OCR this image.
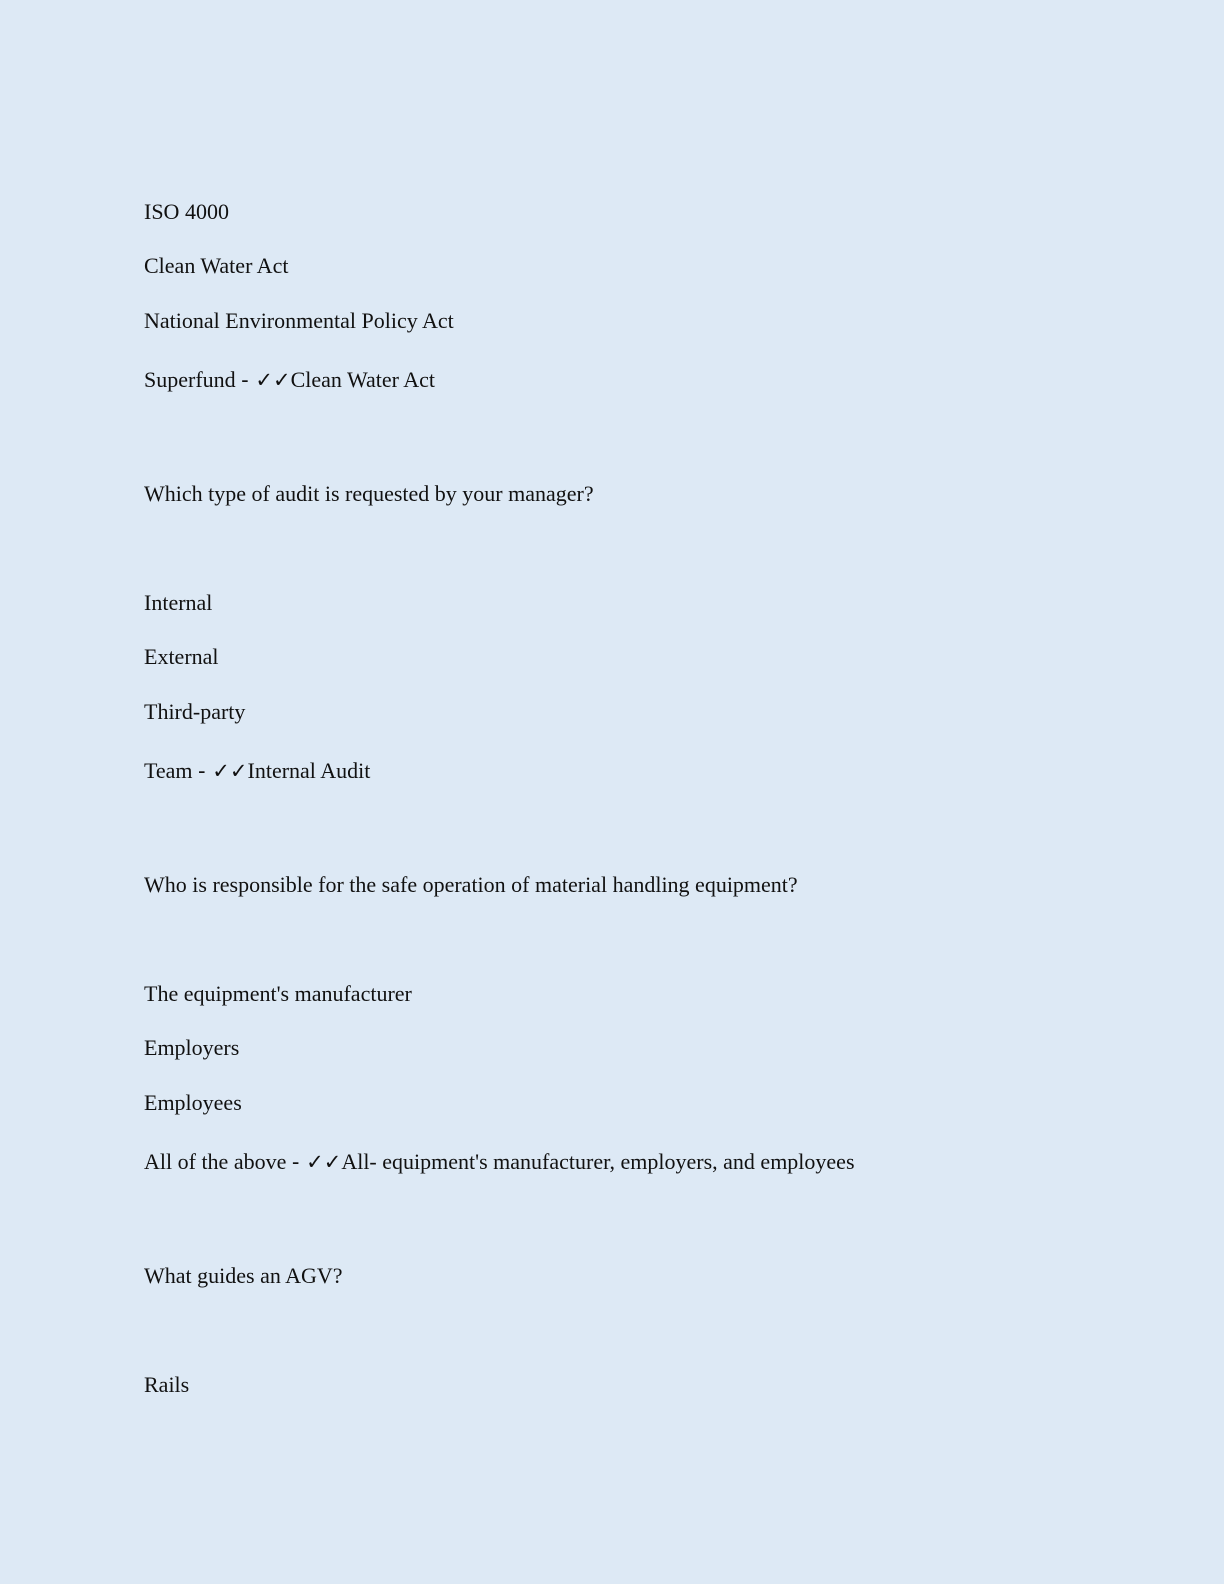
ISO 4000
Clean Water Act
National Environmental Policy Act
Superfund - ✓✓Clean Water Act
Which type of audit is requested by your manager?
Internal
External
Third-party
Team - ✓✓Internal Audit
Who is responsible for the safe operation of material handling equipment?
The equipment's manufacturer
Employers
Employees
All of the above - ✓✓All- equipment's manufacturer, employers, and employees
What guides an AGV?
Rails
